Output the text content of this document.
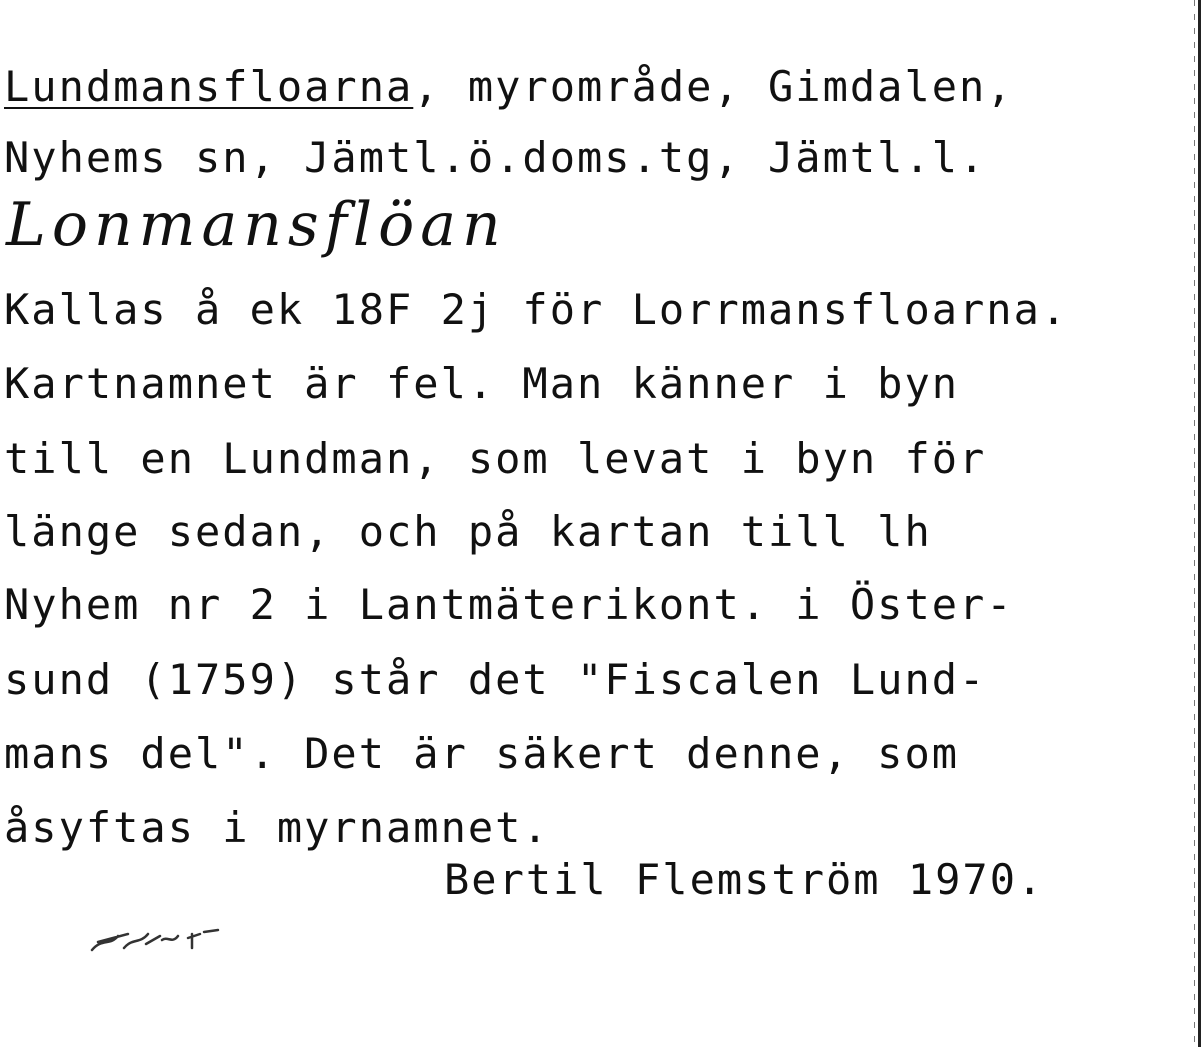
Lundmansfloarna, myrområde, Gimdalen,
Nyhems sn, Jämtl.ö.doms.tg, Jämtl.l.
Lonmansflöan
Kallas å ek 18F 2j för Lorrmansfloarna.
Kartnamnet är fel. Man känner i byn
till en Lundman, som levat i byn för
länge sedan, och på kartan till lh
Nyhem nr 2 i Lantmäterikont. i Öster-
sund (1759) står det "Fiscalen Lund-
mans del". Det är säkert denne, som
åsyftas i myrnamnet.
Bertil Flemström 1970.
